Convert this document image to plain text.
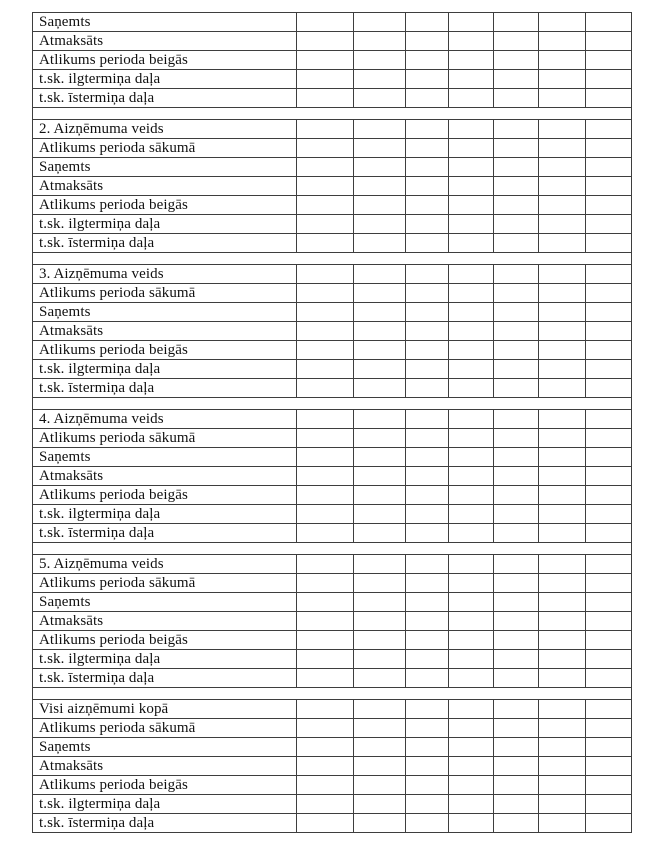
Saņemts							
Atmaksāts							
Atlikums perioda beigās							
t.sk. ilgtermiņa daļa							
t.sk. īstermiņa daļa							

2. Aizņēmuma veids							
Atlikums perioda sākumā							
Saņemts							
Atmaksāts							
Atlikums perioda beigās							
t.sk. ilgtermiņa daļa							
t.sk. īstermiņa daļa							

3. Aizņēmuma veids							
Atlikums perioda sākumā							
Saņemts							
Atmaksāts							
Atlikums perioda beigās							
t.sk. ilgtermiņa daļa							
t.sk. īstermiņa daļa							

4. Aizņēmuma veids							
Atlikums perioda sākumā							
Saņemts							
Atmaksāts							
Atlikums perioda beigās							
t.sk. ilgtermiņa daļa							
t.sk. īstermiņa daļa							

5. Aizņēmuma veids							
Atlikums perioda sākumā							
Saņemts							
Atmaksāts							
Atlikums perioda beigās							
t.sk. ilgtermiņa daļa							
t.sk. īstermiņa daļa							

Visi aizņēmumi kopā							
Atlikums perioda sākumā							
Saņemts							
Atmaksāts							
Atlikums perioda beigās							
t.sk. ilgtermiņa daļa							
t.sk. īstermiņa daļa							
